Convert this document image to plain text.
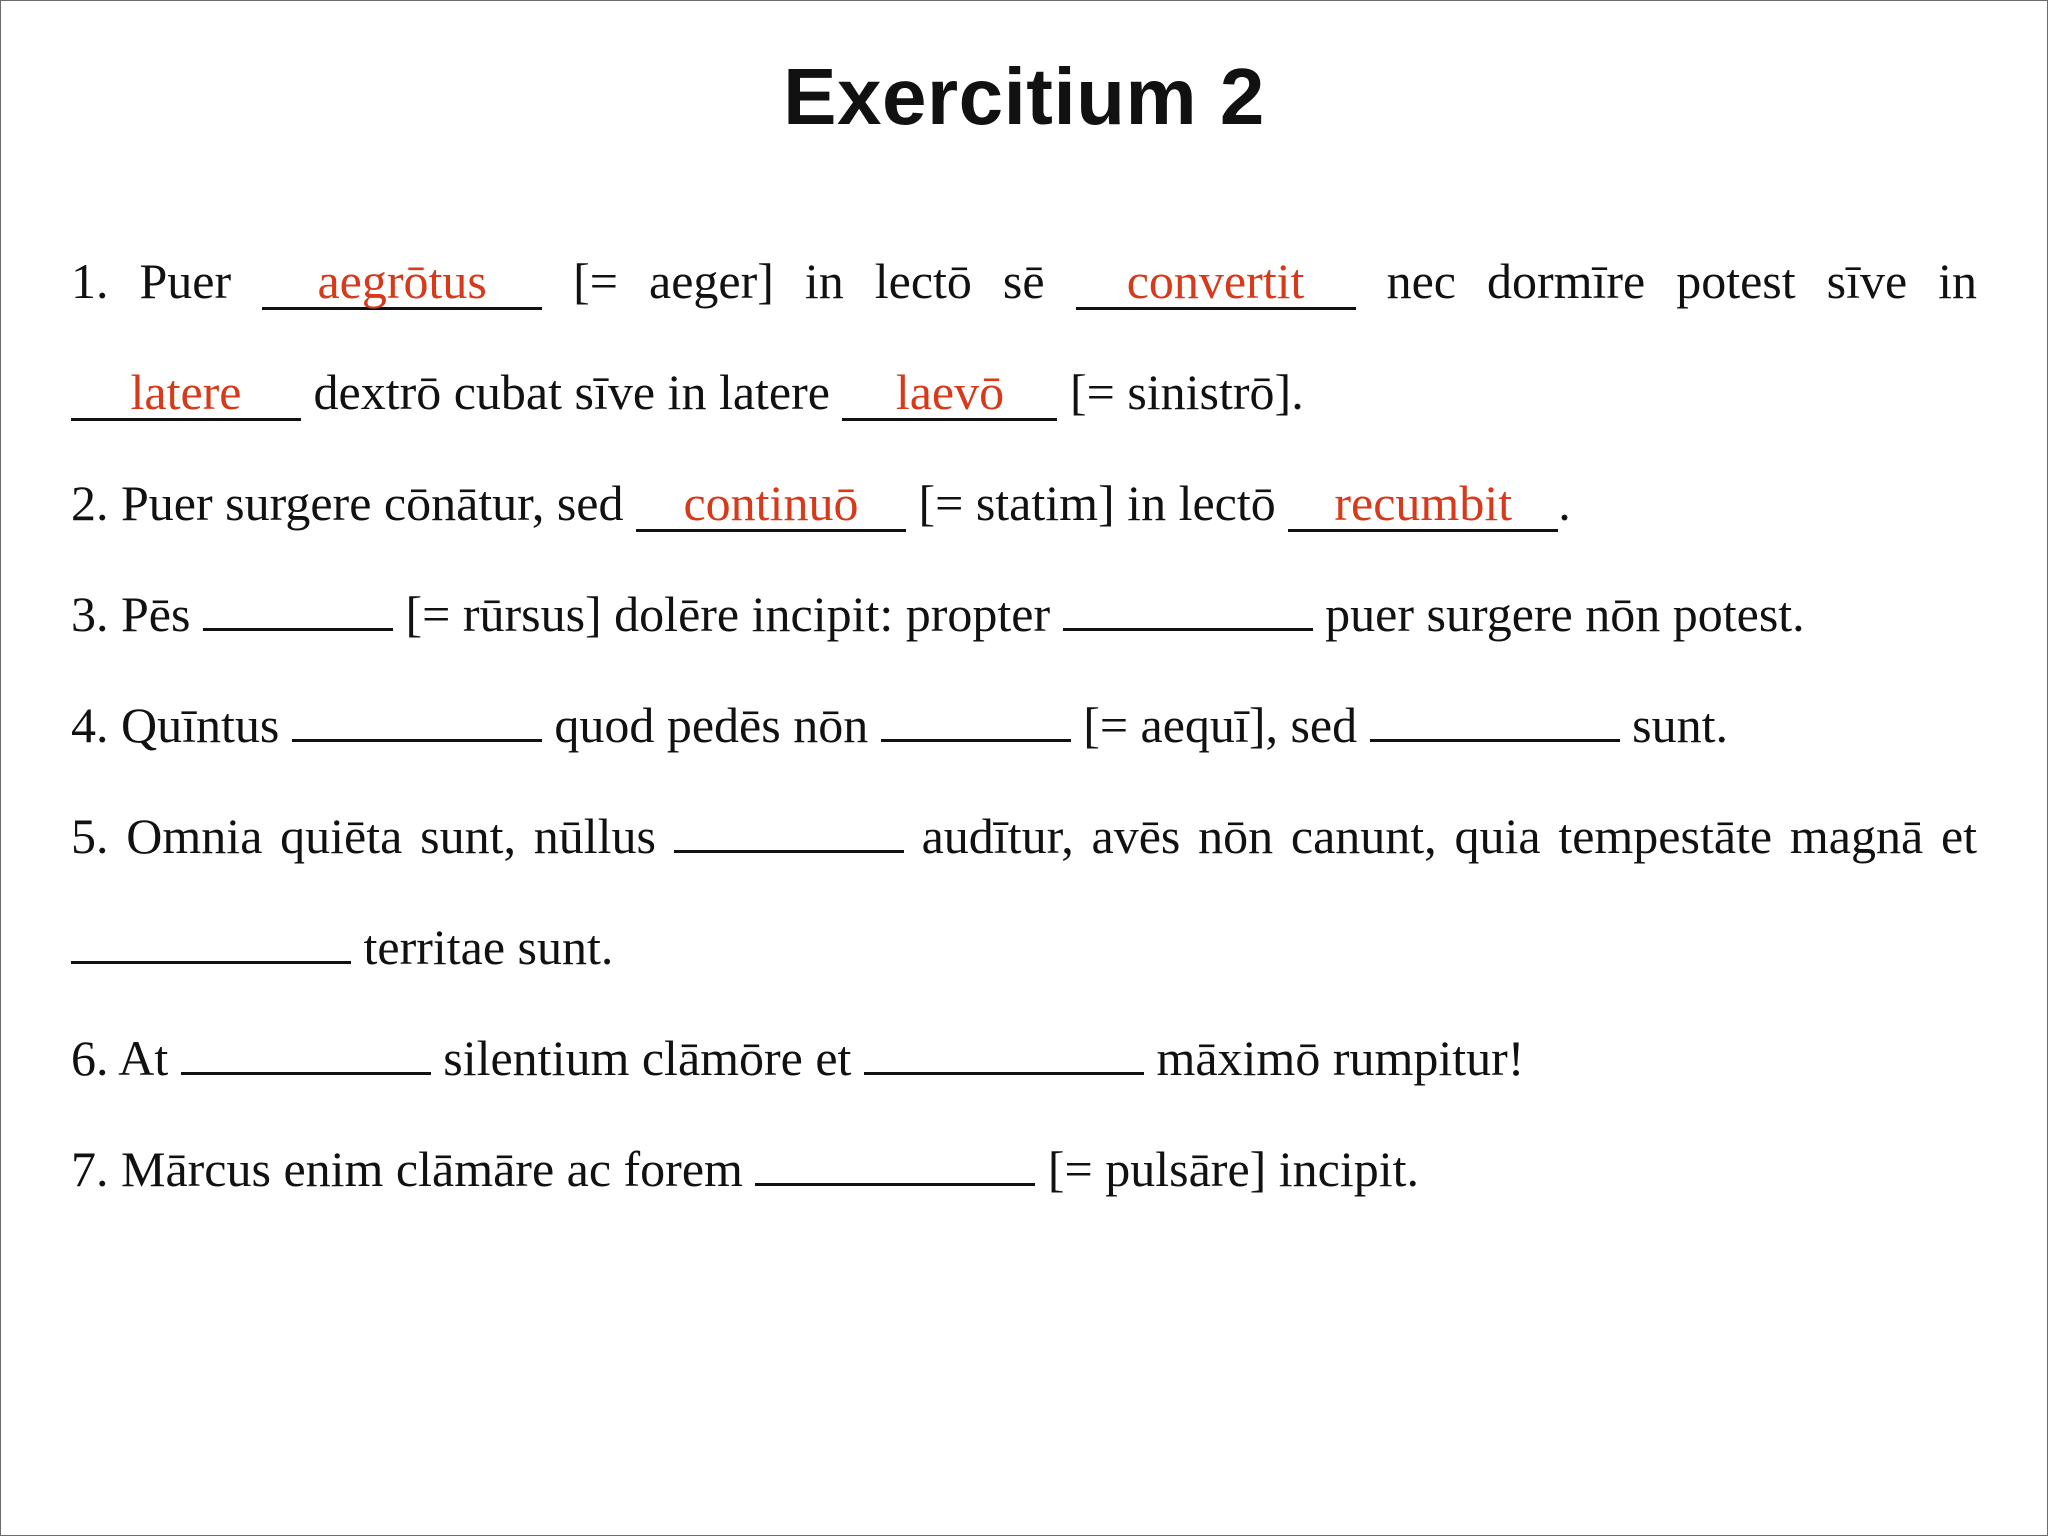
Exercitium 2

1. Puer aegrōtus [= aeger] in lectō sē convertit nec dormīre potest sīve in latere dextrō cubat sīve in latere laevō [= sinistrō].

2. Puer surgere cōnātur, sed continuō [= statim] in lectō recumbit .

3. Pēs	[= rūrsus] dolēre incipit: propter	puer surgere nōn potest.

4. Quīntus	quod pedēs nōn	[= aequī], sed	sunt.

5. Omnia quiēta sunt, nūllus	audītur, avēs nōn canunt, quia tempestāte magnā et  territae sunt.

6. At	silentium clāmōre et	māximō rumpitur!

7. Mārcus enim clāmāre ac forem	[= pulsāre] incipit.
